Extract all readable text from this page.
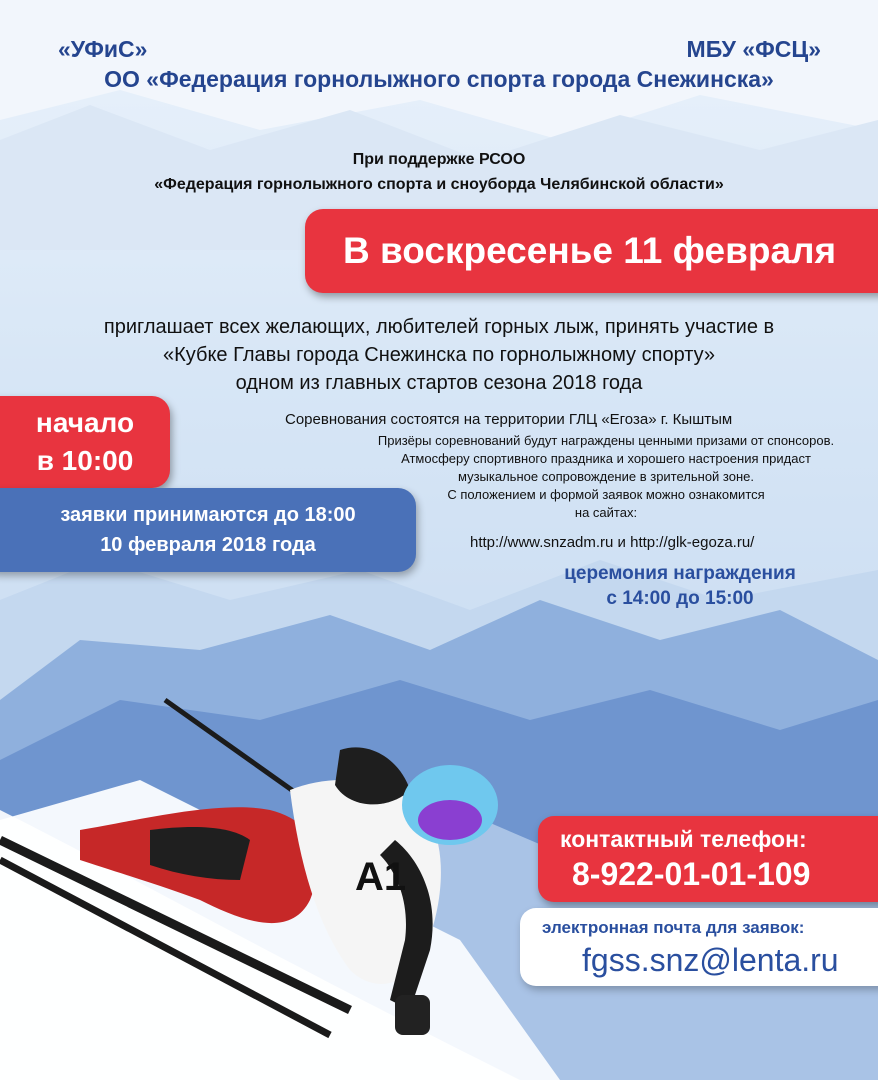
A1
«УФиС»	МБУ «ФСЦ»
ОО «Федерация горнолыжного спорта города Снежинска»
При поддержке РСОО
«Федерация горнолыжного спорта и сноуборда Челябинской области»
В воскресенье 11 февраля
приглашает всех желающих, любителей горных лыж, принять участие в
«Кубке Главы города Снежинска по горнолыжному спорту»
одном из главных стартов сезона 2018 года
начало
в 10:00
заявки принимаются до 18:00
10 февраля 2018 года
Соревнования состоятся на территории ГЛЦ «Егоза» г. Кыштым
Призёры соревнований будут награждены ценными призами от спонсоров.
Атмосферу спортивного праздника и хорошего настроения придаст
музыкальное сопровождение в зрительной зоне.
С положением и формой заявок можно ознакомится
на сайтах:
http://www.snzadm.ru и http://glk-egoza.ru/
церемония награждения
с 14:00 до 15:00
контактный телефон:
8-922-01-01-109
электронная почта для заявок:
fgss.snz@lenta.ru
